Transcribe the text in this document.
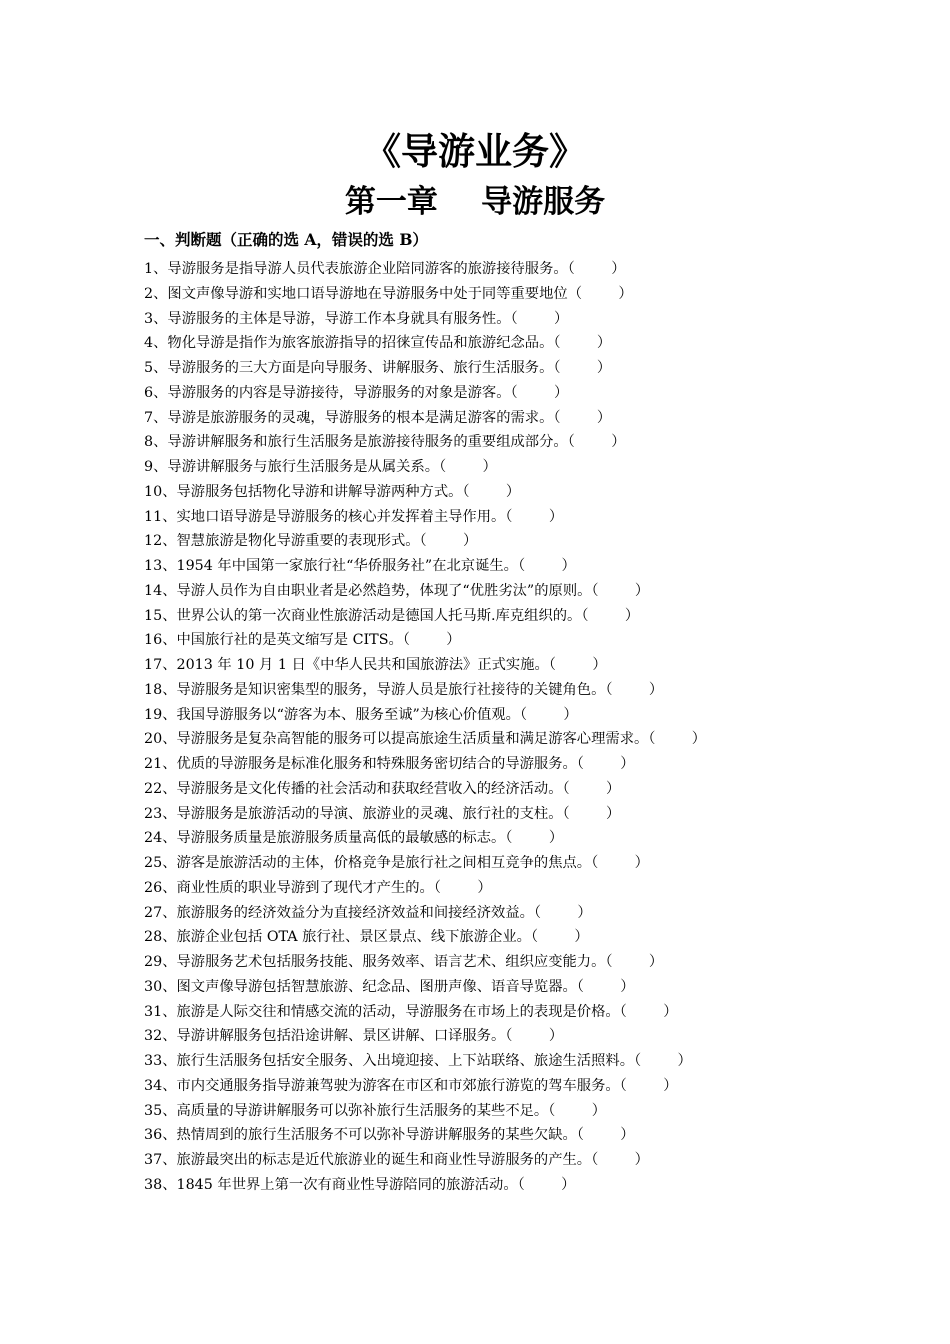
《导游业务》
第一章    导游服务
一、判断题（正确的选 A，错误的选 B）
1、导游服务是指导游人员代表旅游企业陪同游客的旅游接待服务。（        ）
2、图文声像导游和实地口语导游地在导游服务中处于同等重要地位（        ）
3、导游服务的主体是导游，导游工作本身就具有服务性。（        ）
4、物化导游是指作为旅客旅游指导的招徕宣传品和旅游纪念品。（        ）
5、导游服务的三大方面是向导服务、讲解服务、旅行生活服务。（        ）
6、导游服务的内容是导游接待，导游服务的对象是游客。（        ）
7、导游是旅游服务的灵魂，导游服务的根本是满足游客的需求。（        ）
8、导游讲解服务和旅行生活服务是旅游接待服务的重要组成部分。（        ）
9、导游讲解服务与旅行生活服务是从属关系。（        ）
10、导游服务包括物化导游和讲解导游两种方式。（        ）
11、实地口语导游是导游服务的核心并发挥着主导作用。（        ）
12、智慧旅游是物化导游重要的表现形式。（        ）
13、1954 年中国第一家旅行社“华侨服务社”在北京诞生。（        ）
14、导游人员作为自由职业者是必然趋势，体现了“优胜劣汰”的原则。（        ）
15、世界公认的第一次商业性旅游活动是德国人托马斯.库克组织的。（        ）
16、中国旅行社的是英文缩写是 CITS。（        ）
17、2013 年 10 月 1 日《中华人民共和国旅游法》正式实施。（        ）
18、导游服务是知识密集型的服务，导游人员是旅行社接待的关键角色。（        ）
19、我国导游服务以“游客为本、服务至诚”为核心价值观。（        ）
20、导游服务是复杂高智能的服务可以提高旅途生活质量和满足游客心理需求。（        ）
21、优质的导游服务是标准化服务和特殊服务密切结合的导游服务。（        ）
22、导游服务是文化传播的社会活动和获取经营收入的经济活动。（        ）
23、导游服务是旅游活动的导演、旅游业的灵魂、旅行社的支柱。（        ）
24、导游服务质量是旅游服务质量高低的最敏感的标志。（        ）
25、游客是旅游活动的主体，价格竞争是旅行社之间相互竞争的焦点。（        ）
26、商业性质的职业导游到了现代才产生的。（        ）
27、旅游服务的经济效益分为直接经济效益和间接经济效益。（        ）
28、旅游企业包括 OTA 旅行社、景区景点、线下旅游企业。（        ）
29、导游服务艺术包括服务技能、服务效率、语言艺术、组织应变能力。（        ）
30、图文声像导游包括智慧旅游、纪念品、图册声像、语音导览器。（        ）
31、旅游是人际交往和情感交流的活动，导游服务在市场上的表现是价格。（        ）
32、导游讲解服务包括沿途讲解、景区讲解、口译服务。（        ）
33、旅行生活服务包括安全服务、入出境迎接、上下站联络、旅途生活照料。（        ）
34、市内交通服务指导游兼驾驶为游客在市区和市郊旅行游览的驾车服务。（        ）
35、高质量的导游讲解服务可以弥补旅行生活服务的某些不足。（        ）
36、热情周到的旅行生活服务不可以弥补导游讲解服务的某些欠缺。（        ）
37、旅游最突出的标志是近代旅游业的诞生和商业性导游服务的产生。（        ）
38、1845 年世界上第一次有商业性导游陪同的旅游活动。（        ）
